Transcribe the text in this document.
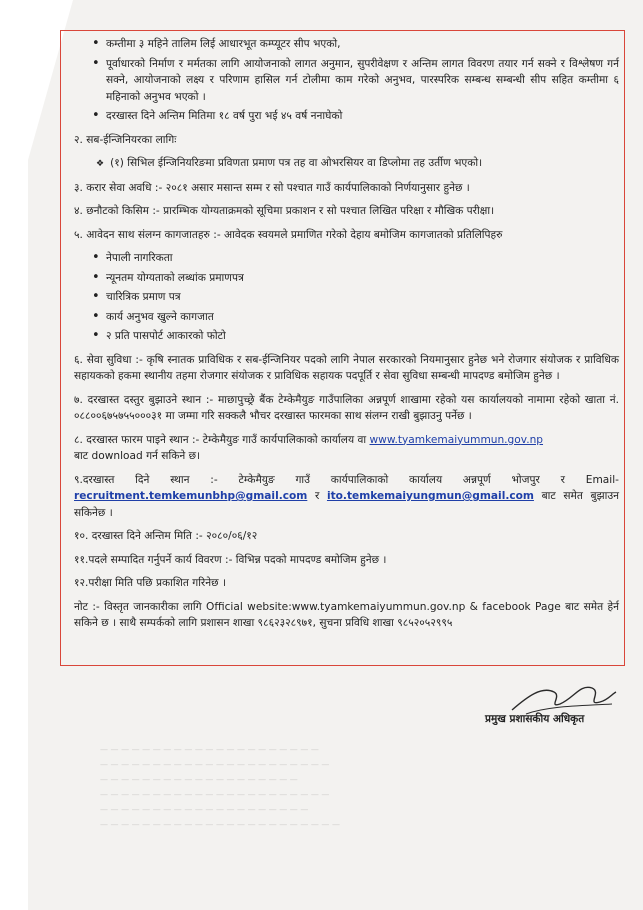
• कम्तीमा ३ महिने तालिम लिई आधारभूत कम्प्यूटर सीप भएको,
• पूर्वाधारको निर्माण र मर्मतका लागि आयोजनाको लागत अनुमान, सुपरीवेक्षण र अन्तिम लागत विवरण तयार गर्न सक्ने र विश्लेषण गर्न सक्ने, आयोजनाको लक्ष्य र परिणाम हासिल गर्न टोलीमा काम गरेको अनुभव, पारस्परिक सम्बन्ध सम्बन्धी सीप सहित कम्तीमा ६ महिनाको अनुभव भएको ।
• दरखास्त दिने अन्तिम मितिमा १८ वर्ष पुरा भई ४५ वर्ष ननाघेको

२. सब-ईन्जिनियरका लागिः

❖ (१) सिभिल ईन्जिनियरिङमा प्रविणता प्रमाण पत्र तह वा ओभरसियर वा डिप्लोमा तह उर्तीण भएको।

३. करार सेवा अवधि :- २०८१ असार मसान्त सम्म र सो पश्चात गाउँ कार्यपालिकाको निर्णयानुसार हुनेछ ।

४. छनौटको किसिम :- प्रारम्भिक योग्यताक्रमको सूचिमा प्रकाशन र सो पश्चात लिखित परिक्षा र मौखिक परीक्षा।

५. आवेदन साथ संलग्न कागजातहरु :- आवेदक स्वयमले प्रमाणित गरेको देहाय बमोजिम कागजातको प्रतिलिपिहरु

• नेपाली नागरिकता
• न्यूनतम योग्यताको लब्धांक प्रमाणपत्र
• चारित्रिक प्रमाण पत्र
• कार्य अनुभव खुल्ने कागजात
• २ प्रति पासपोर्ट आकारको फोटो

६. सेवा सुविधा :- कृषि स्नातक प्राविधिक र सब-ईन्जिनियर पदको लागि नेपाल सरकारको नियमानुसार हुनेछ भने रोजगार संयोजक र प्राविधिक सहायकको हकमा स्थानीय तहमा रोजगार संयोजक र प्राविधिक सहायक पदपूर्ति र सेवा सुविधा सम्बन्धी मापदण्ड बमोजिम हुनेछ ।

७. दरखास्त दस्तुर बुझाउने स्थान :- माछापुच्छ्रे बैंक टेम्केमैयुङ गाउँपालिका अन्नपूर्ण शाखामा रहेको यस कार्यालयको नामामा रहेको खाता नं. ०८८००६७५७५५०००३१ मा जम्मा गरि सक्कलै भौचर दरखास्त फारमका साथ संलग्न राखी बुझाउनु पर्नेछ ।

८. दरखास्त फारम पाइने स्थान :- टेम्केमैयुङ गाउँ कार्यपालिकाको कार्यालय वा www.tyamkemaiyummun.gov.np
बाट download गर्न सकिने छ।

९.दरखास्त दिने स्थान :- टेम्केमैयुङ गाउँ कार्यपालिकाको कार्यालय अन्नपूर्ण भोजपुर र Email- recruitment.temkemunbhp@gmail.com र ito.temkemaiyungmun@gmail.com बाट समेत बुझाउन सकिनेछ ।

१०. दरखास्त दिने अन्तिम मिति :- २०८०/०६/१२

११.पदले सम्पादित गर्नुपर्ने कार्य विवरण :- विभिन्न पदको मापदण्ड बमोजिम हुनेछ ।

१२.परीक्षा मिति पछि प्रकाशित गरिनेछ ।

नोट :- विस्तृत जानकारीका लागि Official website:www.tyamkemaiyummun.gov.np & facebook Page बाट समेत हेर्न सकिने छ । साथै सम्पर्कको लागि प्रशासन शाखा ९८६२३२८९७१, सुचना प्रविधि शाखा ९८५२०५२९९५

प्रमुख प्रशासकीय अधिकृत
— — — — — — — — — — — — — — — — — — — — —
— — — — — — — — — — — — — — — — — — — — — —
— — — — — — — — — — — — — — — — — — —
— — — — — — — — — — — — — — — — — — — — — —
— — — — — — — — — — — — — — — — — — — —
— — — — — — — — — — — — — — — — — — — — — — —
